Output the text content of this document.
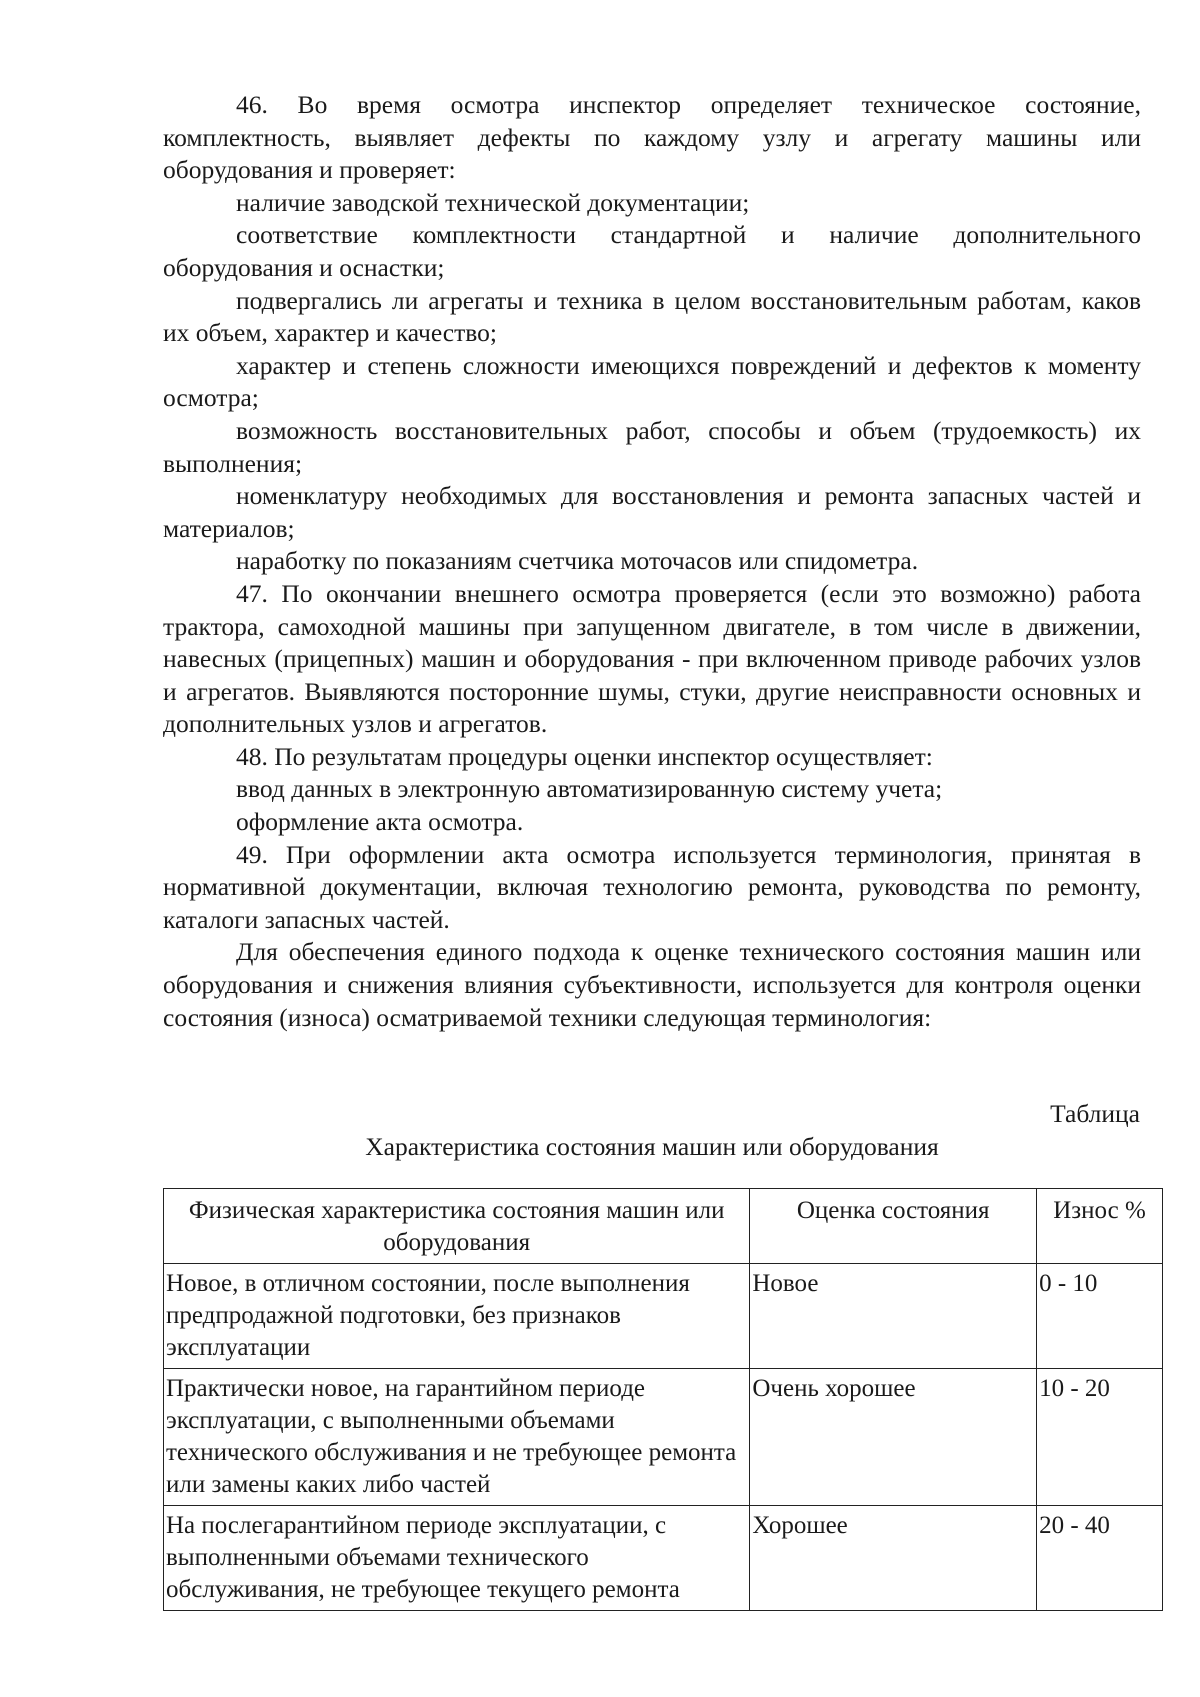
46. Во время осмотра инспектор определяет техническое состояние, комплектность, выявляет дефекты по каждому узлу и агрегату машины или оборудования и проверяет:

наличие заводской технической документации;

соответствие комплектности стандартной и наличие дополнительного оборудования и оснастки;

подвергались ли агрегаты и техника в целом восстановительным работам, каков их объем, характер и качество;

характер и степень сложности имеющихся повреждений и дефектов к моменту осмотра;

возможность восстановительных работ, способы и объем (трудоемкость) их выполнения;

номенклатуру необходимых для восстановления и ремонта запасных частей и материалов;

наработку по показаниям счетчика моточасов или спидометра.

47. По окончании внешнего осмотра проверяется (если это возможно) работа трактора, самоходной машины при запущенном двигателе, в том числе в движении, навесных (прицепных) машин и оборудования - при включенном приводе рабочих узлов и агрегатов. Выявляются посторонние шумы, стуки, другие неисправности основных и дополнительных узлов и агрегатов.

48. По результатам процедуры оценки инспектор осуществляет:

ввод данных в электронную автоматизированную систему учета;

оформление акта осмотра.

49. При оформлении акта осмотра используется терминология, принятая в нормативной документации, включая технологию ремонта, руководства по ремонту, каталоги запасных частей.

Для обеспечения единого подхода к оценке технического состояния машин или оборудования и снижения влияния субъективности, используется для контроля оценки состояния (износа) осматриваемой техники следующая терминология:

Таблица
Характеристика состояния машин или оборудования
Физическая характеристика состояния машин или оборудования	Оценка состояния	Износ %
Новое, в отличном состоянии, после выполнения предпродажной подготовки, без признаков эксплуатации	Новое	0 - 10
Практически новое, на гарантийном периоде эксплуатации, с выполненными объемами технического обслуживания и не требующее ремонта или замены каких либо частей	Очень хорошее	10 - 20
На послегарантийном периоде эксплуатации, с выполненными объемами технического обслуживания, не требующее текущего ремонта	Хорошее	20 - 40
